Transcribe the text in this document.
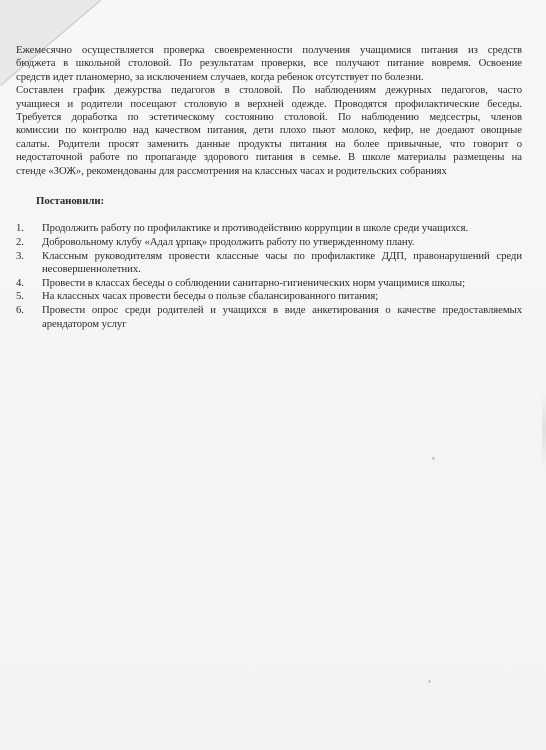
Ежемесячно осуществляется проверка своевременности получения учащимися питания из средств
бюджета в школьной столовой. По результатам проверки, все получают питание вовремя. Освоение
средств идет планомерно, за исключением случаев, когда ребенок отсутствует по болезни.
Составлен график дежурства педагогов в столовой. По наблюдениям дежурных педагогов, часто
учащиеся и родители посещают столовую в верхней одежде. Проводятся профилактические беседы.
Требуется доработка по эстетическому состоянию столовой. По наблюдению медсестры, членов
комиссии по контролю над качеством питания, дети плохо пьют молоко, кефир, не доедают овощные
салаты. Родители просят заменить данные продукты питания на более привычные, что говорит о
недостаточной работе по пропаганде здорового питания в семье. В школе материалы размещены на
стенде «ЗОЖ», рекомендованы для рассмотрения на классных часах и родительских собраниях
Постановили:
1.	Продолжить работу по профилактике и противодействию коррупции в школе среди учащихся.
2.	Добровольному клубу «Адал ұрпақ» продолжить работу по утвержденному плану.
3.	Классным руководителям провести классные часы по профилактике ДДП, правонарушений среди
несовершеннолетних.
4.	Провести в классах беседы о соблюдении санитарно-гигиенических норм учащимися школы;
5.	На классных часах провести беседы о пользе сбалансированного питания;
6.	Провести опрос среди родителей и учащихся в виде анкетирования о качестве предоставляемых
арендатором услуг
